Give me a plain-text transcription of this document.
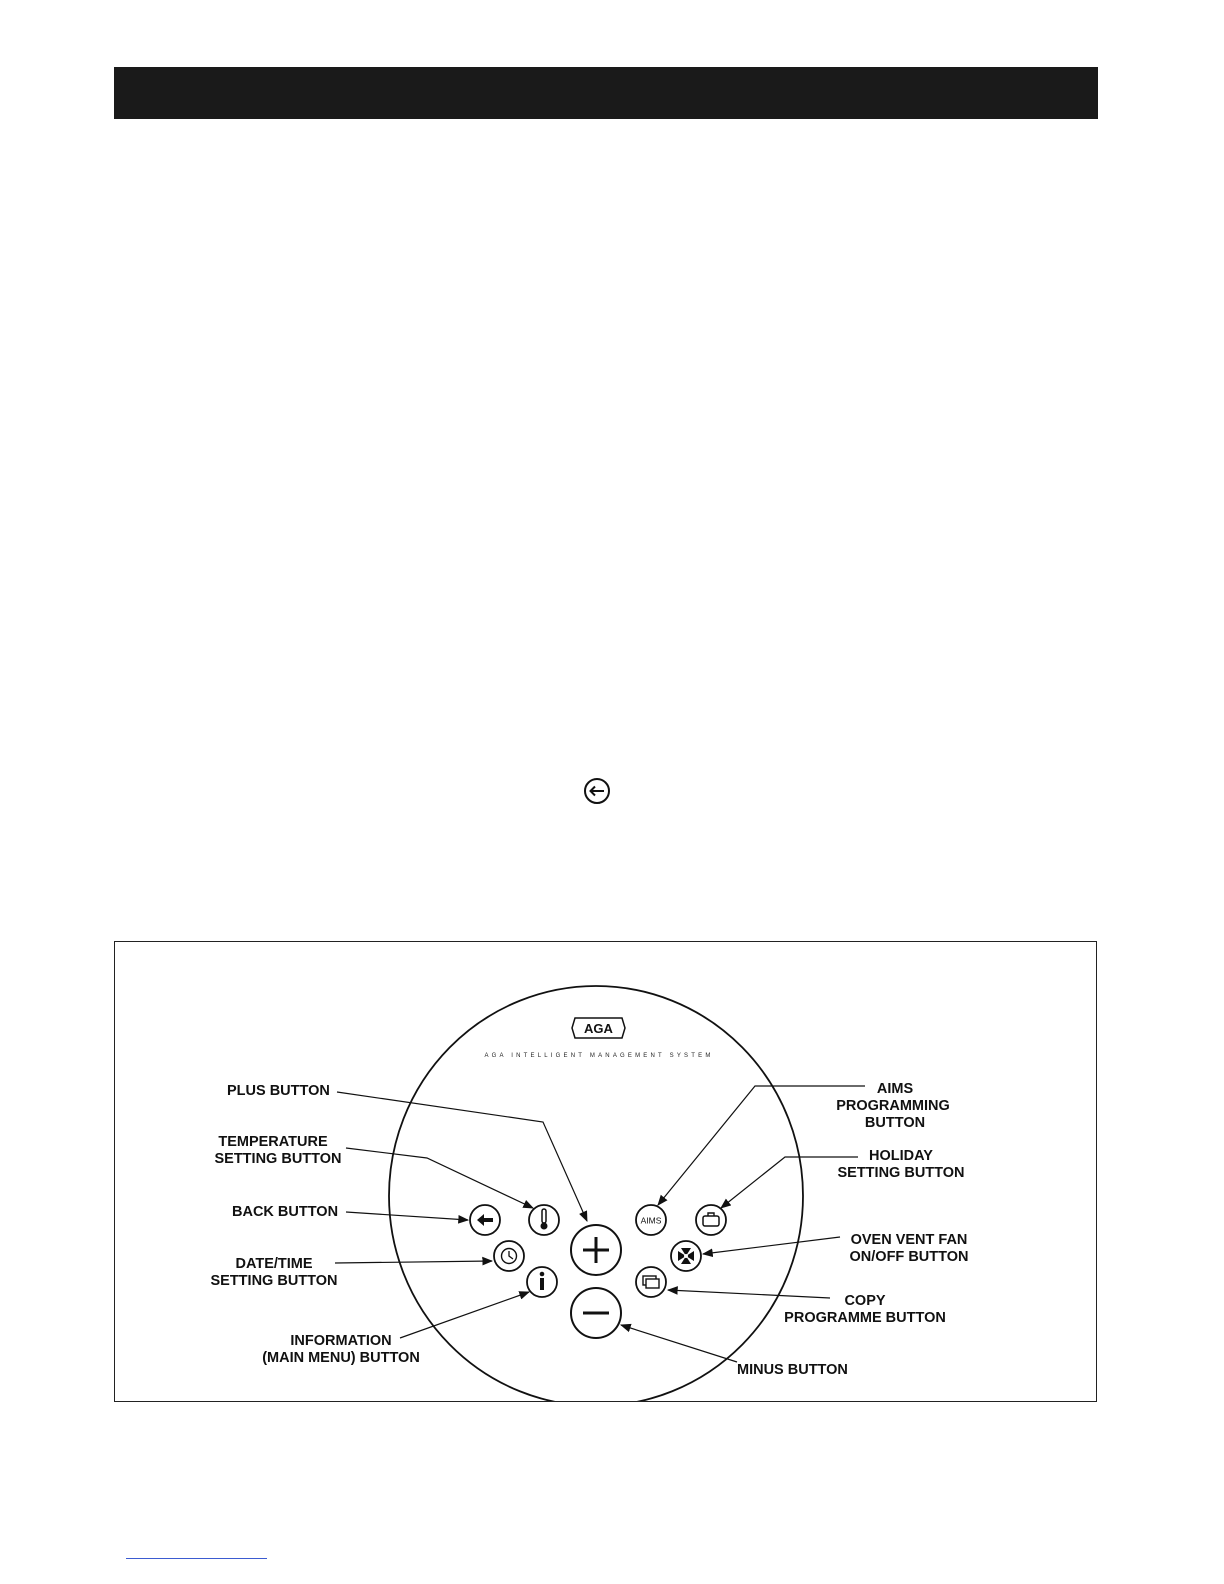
AGA
AGA INTELLIGENT MANAGEMENT SYSTEM
AIMS
PLUS BUTTON
TEMPERATURE SETTING BUTTON
BACK BUTTON
DATE/TIME SETTING BUTTON
INFORMATION (MAIN MENU) BUTTON
AIMS PROGRAMMING BUTTON
HOLIDAY SETTING BUTTON
OVEN VENT FAN ON/OFF BUTTON
COPY PROGRAMME BUTTON
MINUS BUTTON
